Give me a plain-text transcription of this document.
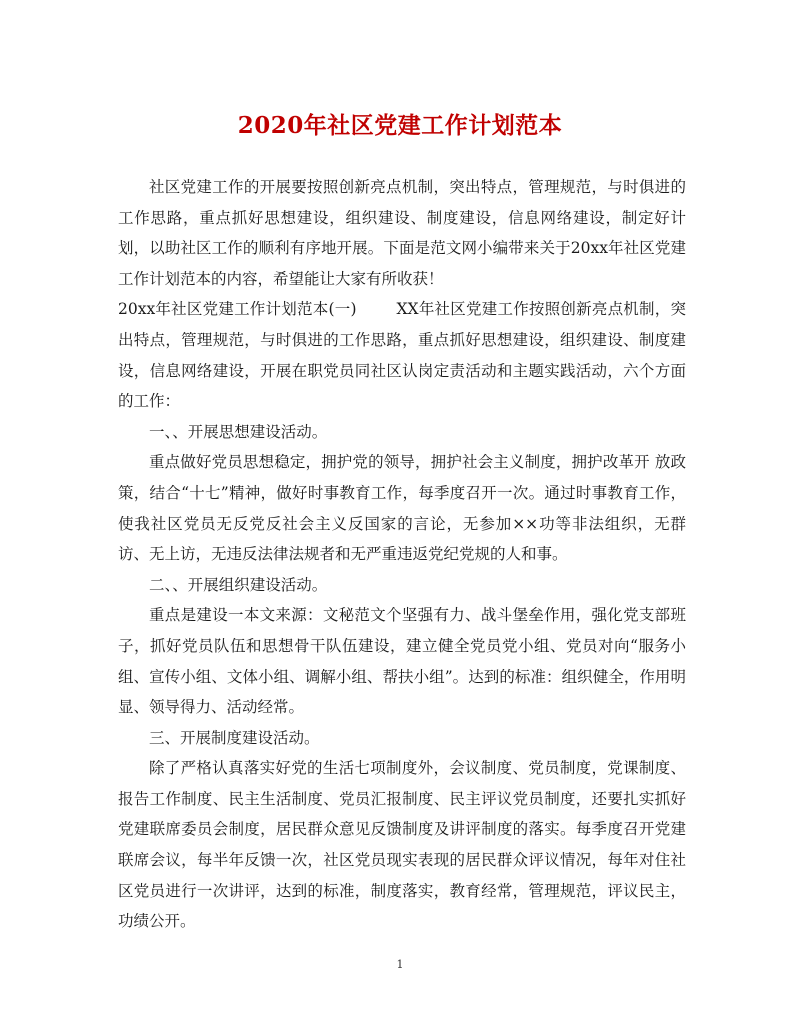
2020年社区党建工作计划范本

社区党建工作的开展要按照创新亮点机制，突出特点，管理规范，与时俱进的工作思路，重点抓好思想建设，组织建设、制度建设，信息网络建设，制定好计划，以助社区工作的顺利有序地开展。下面是范文网小编带来关于20xx年社区党建工作计划范本的内容，希望能让大家有所收获！

20xx年社区党建工作计划范本(一)	XX年社区党建工作按照创新亮点机制，突出特点，管理规范，与时俱进的工作思路，重点抓好思想建设，组织建设、制度建设，信息网络建设，开展在职党员同社区认岗定责活动和主题实践活动，六个方面的工作：

一、、开展思想建设活动。

重点做好党员思想稳定，拥护党的领导，拥护社会主义制度，拥护改革开 放政策，结合“十七”精神，做好时事教育工作，每季度召开一次。通过时事教育工作，使我社区党员无反党反社会主义反国家的言论，无参加××功等非法组织，无群访、无上访，无违反法律法规者和无严重违返党纪党规的人和事。

二、、开展组织建设活动。

重点是建设一本文来源：文秘范文个坚强有力、战斗堡垒作用，强化党支部班子，抓好党员队伍和思想骨干队伍建设，建立健全党员党小组、党员对向“服务小组、宣传小组、文体小组、调解小组、帮扶小组”。达到的标准：组织健全，作用明显、领导得力、活动经常。

三、开展制度建设活动。

除了严格认真落实好党的生活七项制度外，会议制度、党员制度，党课制度、报告工作制度、民主生活制度、党员汇报制度、民主评议党员制度，还要扎实抓好党建联席委员会制度，居民群众意见反馈制度及讲评制度的落实。每季度召开党建联席会议，每半年反馈一次，社区党员现实表现的居民群众评议情况，每年对住社区党员进行一次讲评，达到的标准，制度落实，教育经常，管理规范，评议民主，功绩公开。

1
